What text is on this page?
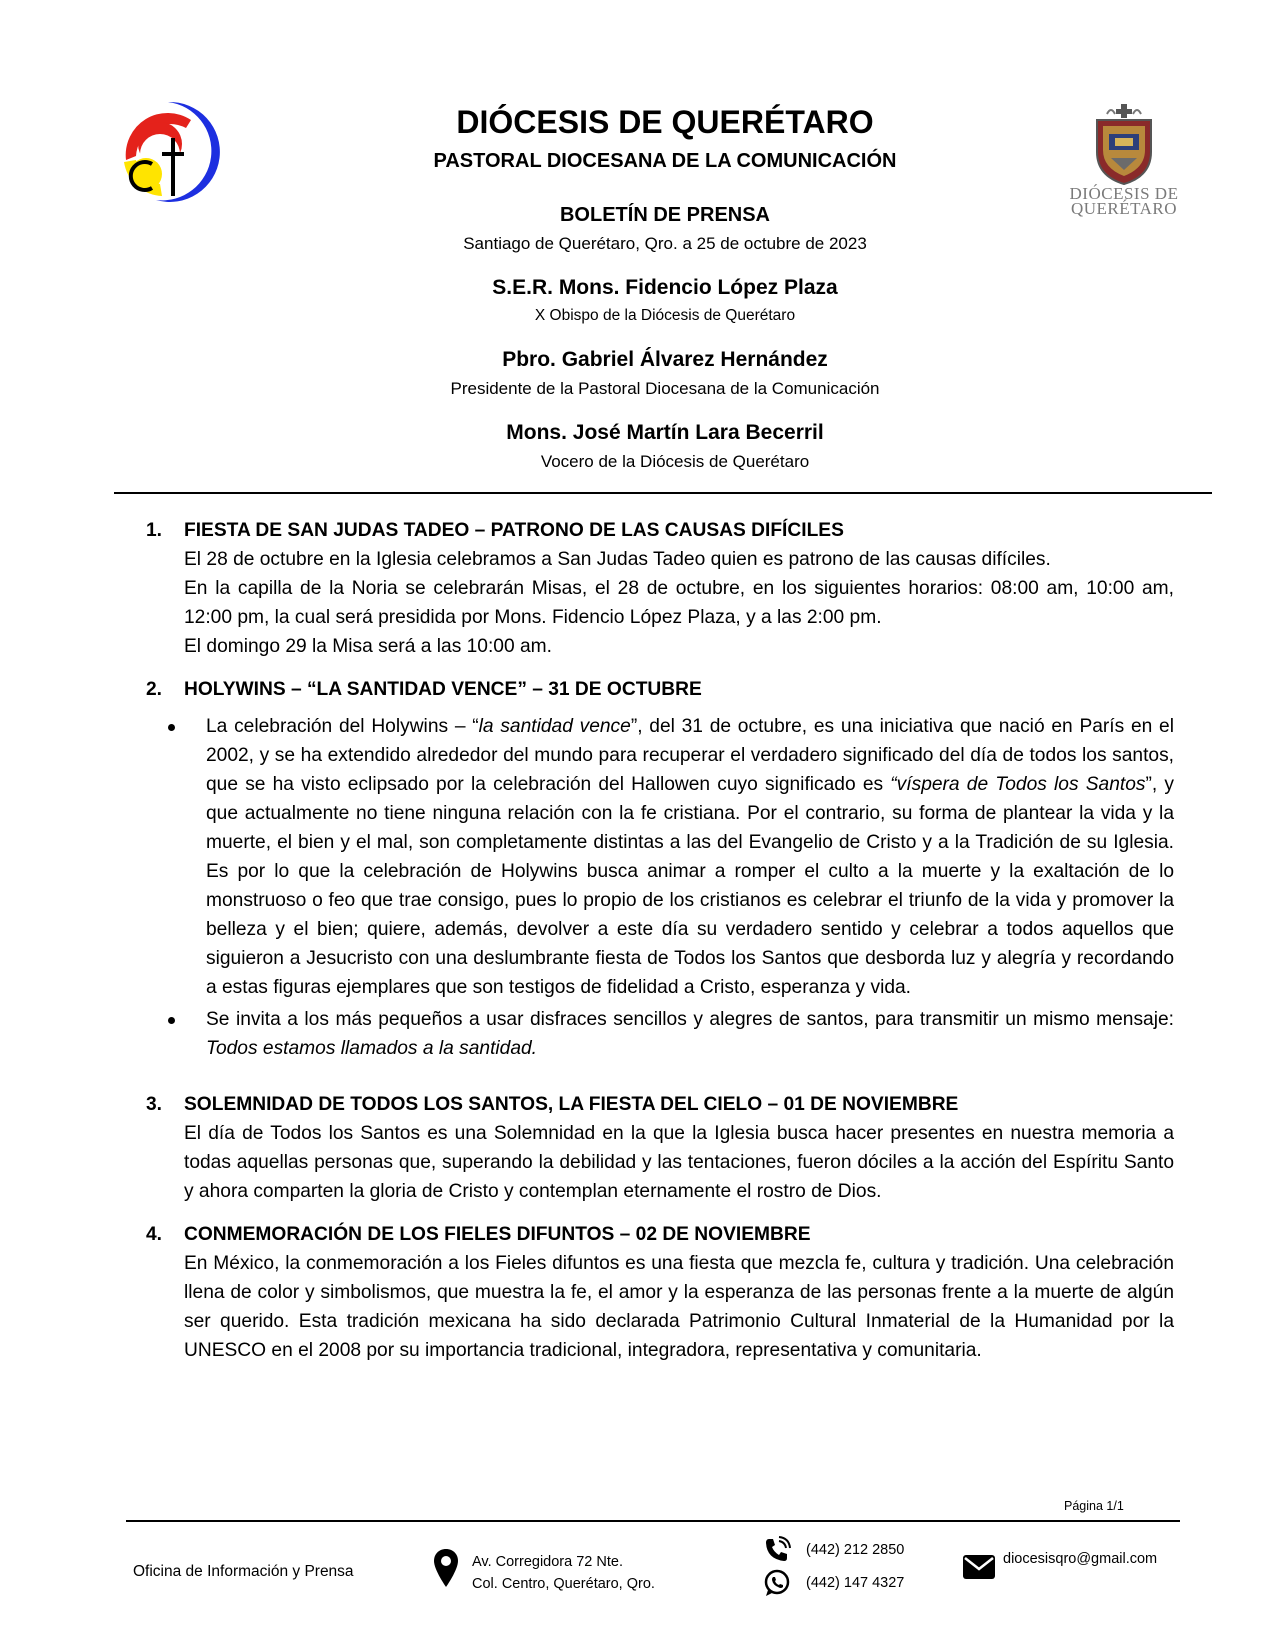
DIÓCESIS DE
QUERÉTARO
DIÓCESIS DE QUERÉTARO
PASTORAL DIOCESANA DE LA COMUNICACIÓN
BOLETÍN DE PRENSA
Santiago de Querétaro, Qro. a 25 de octubre de 2023
S.E.R. Mons. Fidencio López Plaza
X Obispo de la Diócesis de Querétaro
Pbro. Gabriel Álvarez Hernández
Presidente de la Pastoral Diocesana de la Comunicación
Mons. José Martín Lara Becerril
Vocero de la Diócesis de Querétaro
1. FIESTA DE SAN JUDAS TADEO – PATRONO DE LAS CAUSAS DIFÍCILES

El 28 de octubre en la Iglesia celebramos a San Judas Tadeo quien es patrono de las causas difíciles.

En la capilla de la Noria se celebrarán Misas, el 28 de octubre, en los siguientes horarios: 08:00 am, 10:00 am, 12:00 pm, la cual será presidida por Mons. Fidencio López Plaza, y a las 2:00 pm.

El domingo 29 la Misa será a las 10:00 am.

2. HOLYWINS – “LA SANTIDAD VENCE” – 31 DE OCTUBRE
La celebración del Holywins – “la santidad vence”, del 31 de octubre, es una iniciativa que nació en París en el 2002, y se ha extendido alrededor del mundo para recuperar el verdadero significado del día de todos los santos, que se ha visto eclipsado por la celebración del Hallowen cuyo significado es “víspera de Todos los Santos”, y que actualmente no tiene ninguna relación con la fe cristiana. Por el contrario, su forma de plantear la vida y la muerte, el bien y el mal, son completamente distintas a las del Evangelio de Cristo y a la Tradición de su Iglesia. Es por lo que la celebración de Holywins busca animar a romper el culto a la muerte y la exaltación de lo monstruoso o feo que trae consigo, pues lo propio de los cristianos es celebrar el triunfo de la vida y promover la belleza y el bien; quiere, además, devolver a este día su verdadero sentido y celebrar a todos aquellos que siguieron a Jesucristo con una deslumbrante fiesta de Todos los Santos que desborda luz y alegría y recordando a estas figuras ejemplares que son testigos de fidelidad a Cristo, esperanza y vida.
Se invita a los más pequeños a usar disfraces sencillos y alegres de santos, para transmitir un mismo mensaje: Todos estamos llamados a la santidad.
3. SOLEMNIDAD DE TODOS LOS SANTOS, LA FIESTA DEL CIELO – 01 DE NOVIEMBRE

El día de Todos los Santos es una Solemnidad en la que la Iglesia busca hacer presentes en nuestra memoria a todas aquellas personas que, superando la debilidad y las tentaciones, fueron dóciles a la acción del Espíritu Santo y ahora comparten la gloria de Cristo y contemplan eternamente el rostro de Dios.

4. CONMEMORACIÓN DE LOS FIELES DIFUNTOS – 02 DE NOVIEMBRE

En México, la conmemoración a los Fieles difuntos es una fiesta que mezcla fe, cultura y tradición. Una celebración llena de color y simbolismos, que muestra la fe, el amor y la esperanza de las personas frente a la muerte de algún ser querido. Esta tradición mexicana ha sido declarada Patrimonio Cultural Inmaterial de la Humanidad por la UNESCO en el 2008 por su importancia tradicional, integradora, representativa y comunitaria.

Página 1/1
Oficina de Información y Prensa
Av. Corregidora 72 Nte.
Col. Centro, Querétaro, Qro.
(442) 212 2850
(442) 147 4327
diocesisqro@gmail.com
